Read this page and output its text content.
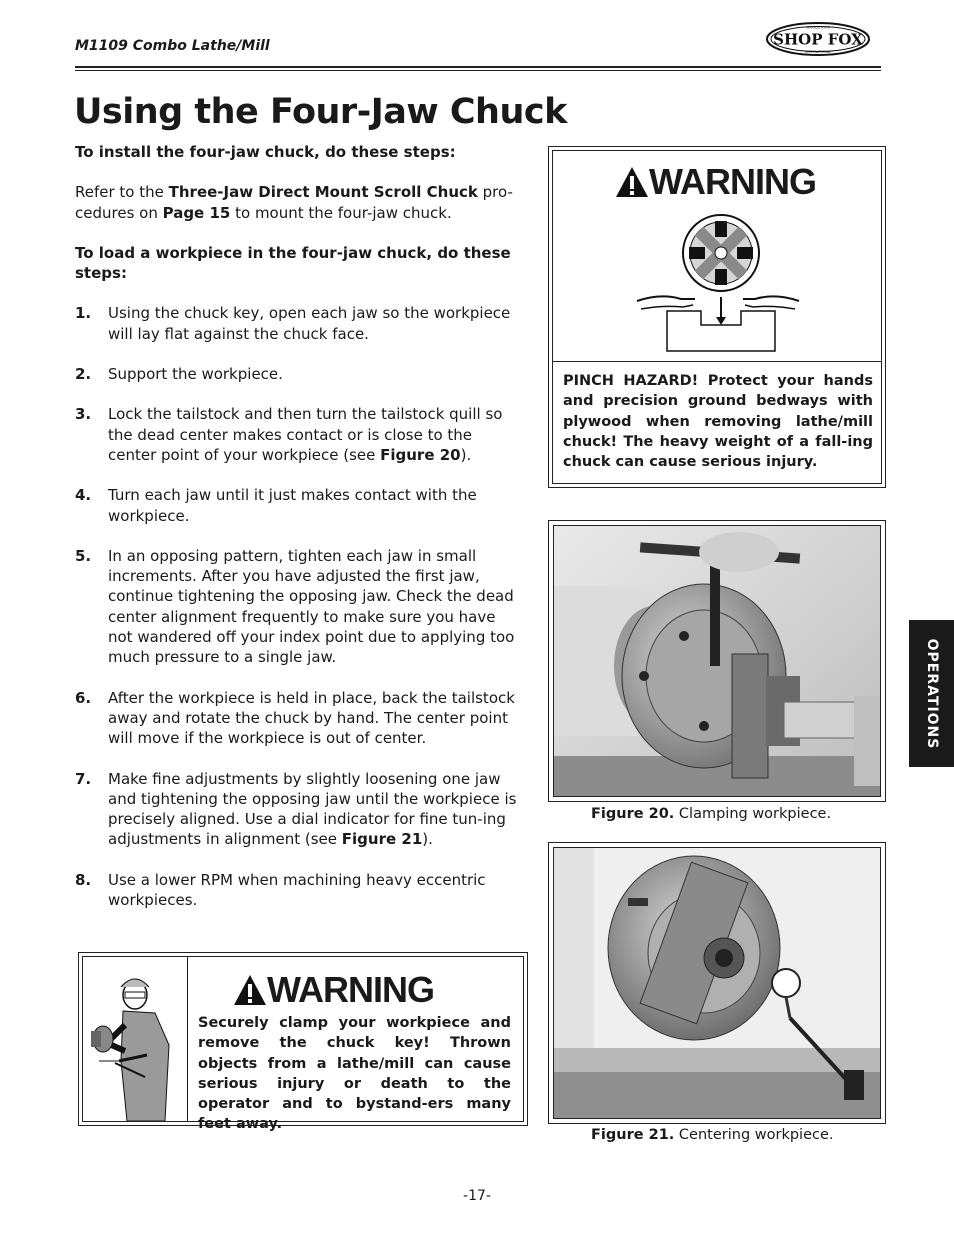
M1109 Combo Lathe/Mill	SHOP FOX
WOODSTOCK
INTERNATIONAL
Using the Four-Jaw Chuck

To install the four-jaw chuck, do these steps:

Refer to the Three-Jaw Direct Mount Scroll Chuck pro-cedures on Page 15 to mount the four-jaw chuck.

To load a workpiece in the four-jaw chuck, do these steps:

1. Using the chuck key, open each jaw so the workpiece will lay flat against the chuck face.
2. Support the workpiece.
3. Lock the tailstock and then turn the tailstock quill so the dead center makes contact or is close to the center point of your workpiece (see Figure 20).
4. Turn each jaw until it just makes contact with the workpiece.
5. In an opposing pattern, tighten each jaw in small increments. After you have adjusted the first jaw, continue tightening the opposing jaw. Check the dead center alignment frequently to make sure you have not wandered off your index point due to applying too much pressure to a single jaw.
6. After the workpiece is held in place, back the tailstock away and rotate the chuck by hand. The center point will move if the workpiece is out of center.
7. Make fine adjustments by slightly loosening one jaw and tightening the opposing jaw until the workpiece is precisely aligned. Use a dial indicator for fine tun-ing adjustments in alignment (see Figure 21).
8. Use a lower RPM when machining heavy eccentric workpieces.
WARNING
PINCH HAZARD! Protect your hands and precision ground bedways with plywood when removing lathe/mill chuck! The heavy weight of a fall-ing chuck can cause serious injury.
Figure 20. Clamping workpiece.
Figure 21. Centering workpiece.
WARNING
Securely clamp your workpiece and remove the chuck key! Thrown objects from a lathe/mill can cause serious injury or death to the operator and to bystand-ers many feet away.
OPERATIONS
-17-
